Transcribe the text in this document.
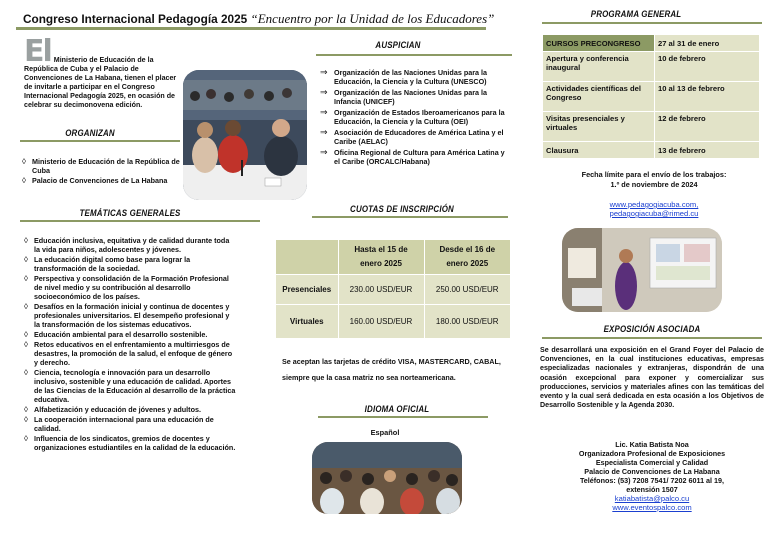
Congreso Internacional Pedagogía 2025 “Encuentro por la Unidad de los Educadores”
El Ministerio de Educación de la República de Cuba y el Palacio de Convenciones de La Habana, tienen el placer de invitarle a participar en el Congreso Internacional Pedagogía 2025, en ocasión de celebrar su decimonovena edición.

ORGANIZAN
◊ Ministerio de Educación de la República de Cuba
◊ Palacio de Convenciones de La Habana
TEMÁTICAS GENERALES
◊ Educación inclusiva, equitativa y de calidad durante toda la vida para niños, adolescentes y jóvenes.
◊ La educación digital como base para lograr la transformación de la sociedad.
◊ Perspectiva y consolidación de la Formación Profesional de nivel medio y su contribución al desarrollo socioeconómico de los países.
◊ Desafíos en la formación inicial y continua de docentes y profesionales universitarios. El desempeño profesional y la transformación de los sistemas educativos.
◊ Educación ambiental para el desarrollo sostenible.
◊ Retos educativos en el enfrentamiento a multirriesgos de desastres, la promoción de la salud, el enfoque de género y derecho.
◊ Ciencia, tecnología e innovación para un desarrollo inclusivo, sostenible y una educación de calidad. Aportes de las Ciencias de la Educación al desarrollo de la práctica educativa.
◊ Alfabetización y educación de jóvenes y adultos.
◊ La cooperación internacional para una educación de calidad.
◊ Influencia de los sindicatos, gremios de docentes y organizaciones estudiantiles en la calidad de la educación.
AUSPICIAN
⇒ Organización de las Naciones Unidas para la Educación, la Ciencia y la Cultura (UNESCO)
⇒ Organización de las Naciones Unidas para la Infancia (UNICEF)
⇒ Organización de Estados Iberoamericanos para la Educación, la Ciencia y la Cultura (OEI)
⇒ Asociación de Educadores de América Latina y el Caribe (AELAC)
⇒ Oficina Regional de Cultura para América Latina y el Caribe (ORCALC/Habana)
CUOTAS DE INSCRIPCIÓN
	Hasta el 15 de enero 2025	Desde el 16 de enero 2025
Presenciales	230.00 USD/EUR	250.00 USD/EUR
Virtuales	160.00 USD/EUR	180.00 USD/EUR

Se aceptan las tarjetas de crédito VISA, MASTERCARD, CABAL, siempre que la casa matriz no sea norteamericana.

IDIOMA OFICIAL
Español
PROGRAMA GENERAL
CURSOS PRECONGRESO	27 al 31 de enero
Apertura y conferencia inaugural	10 de febrero
Actividades científicas del Congreso	10 al 13 de febrero
Visitas presenciales y virtuales	12 de febrero
Clausura	13 de febrero
Fecha límite para el envío de los trabajos:
1.º de noviembre de 2024
www.pedagogiacuba.com,
pedagogiacuba@rimed.cu
EXPOSICIÓN ASOCIADA

Se desarrollará una exposición en el Grand Foyer del Palacio de Convenciones, en la cual instituciones educativas, empresas especializadas nacionales y extranjeras, dispondrán de una ocasión excepcional para exponer y comercializar sus producciones, servicios y materiales afines con las temáticas del evento y la cual será dedicada en esta ocasión a los Objetivos de Desarrollo Sostenible y la Agenda 2030.

Lic. Katia Batista Noa
Organizadora Profesional de Exposiciones
Especialista Comercial y Calidad
Palacio de Convenciones de La Habana
Teléfonos: (53) 7208 7541/ 7202 6011 al 19, extensión 1507
katiabatista@palco.cu
www.eventospalco.com
